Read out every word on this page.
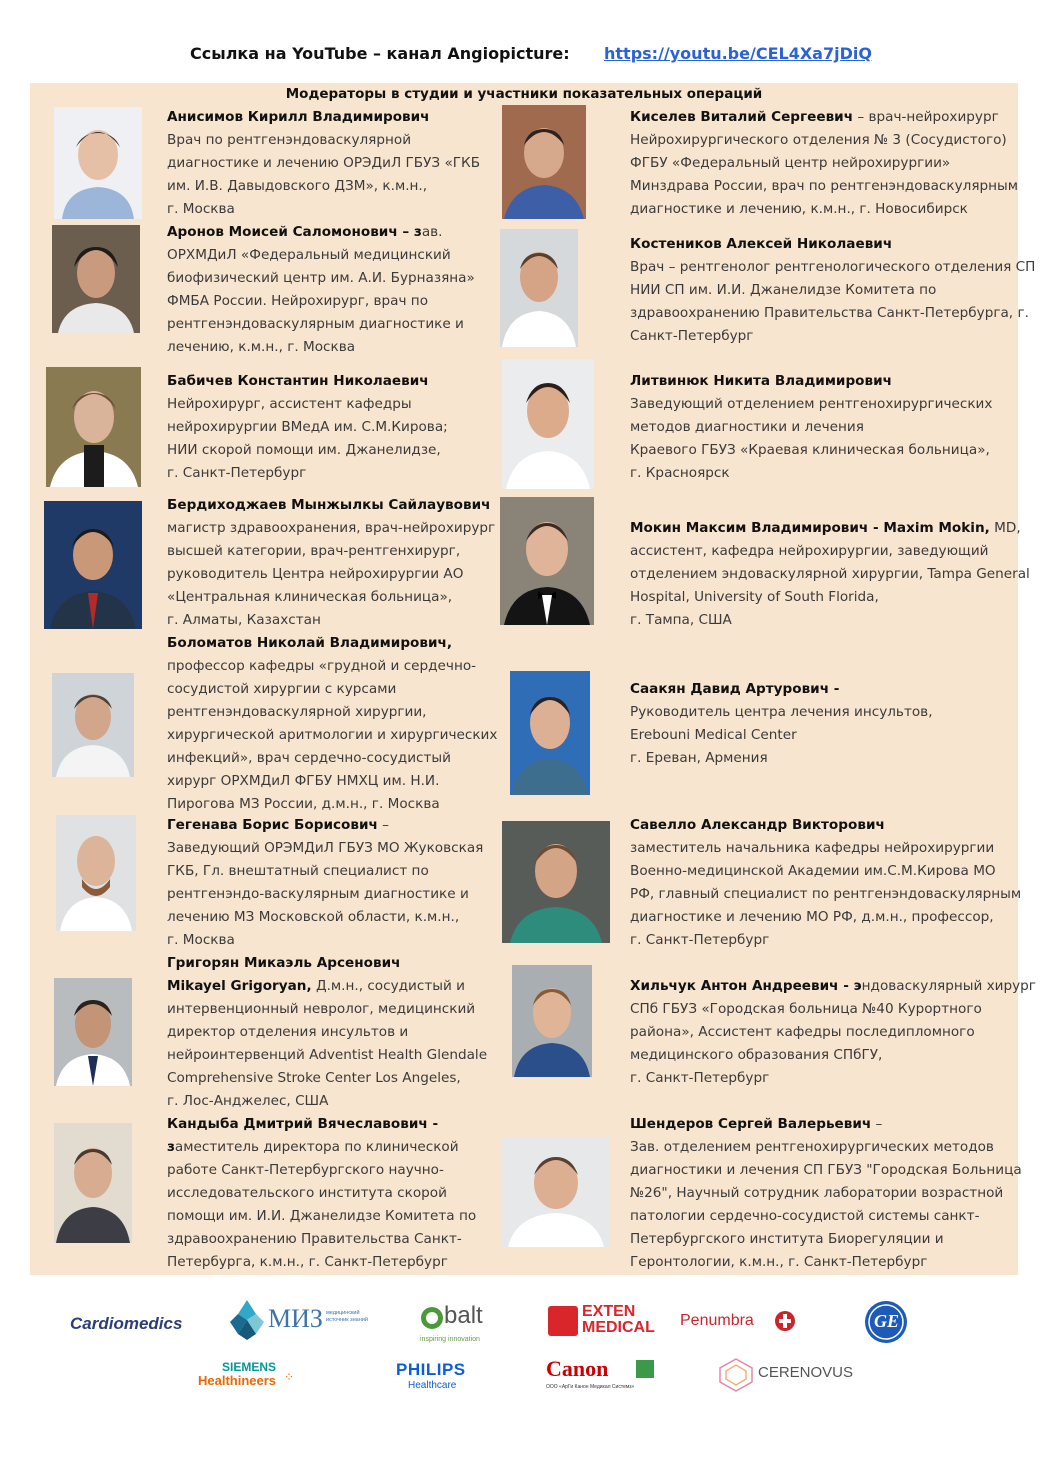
Ссылка на YouTube – канал Angiopicture: https://youtu.be/CEL4Xa7jDiQ
Модераторы в студии и участники показательных операций
Анисимов Кирилл Владимирович
Врач по рентгенэндоваскулярной
диагностике и лечению ОРЭДиЛ ГБУЗ «ГКБ
им. И.В. Давыдовского ДЗМ», к.м.н.,
г. Москва
Аронов Моисей Саломонович – зав.
ОРХМДиЛ «Федеральный медицинский
биофизический центр им. А.И. Бурназяна»
ФМБА России. Нейрохирург, врач по
рентгенэндоваскулярным диагностике и
лечению, к.м.н., г. Москва
Бабичев Константин Николаевич
Нейрохирург, ассистент кафедры
нейрохирургии ВМедА им. С.М.Кирова;
НИИ скорой помощи им. Джанелидзе,
г. Санкт-Петербург
Бердиходжаев Мынжылкы Сайлаувович
магистр здравоохранения, врач-нейрохирург
высшей категории, врач-рентгенхирург,
руководитель Центра нейрохирургии АО
«Центральная клиническая больница»,
г. Алматы, Казахстан
Боломатов Николай Владимирович,
профессор кафедры «грудной и сердечно-
сосудистой хирургии с курсами
рентгенэндоваскулярной хирургии,
хирургической аритмологии и хирургических
инфекций», врач сердечно-сосудистый
хирург ОРХМДиЛ ФГБУ НМХЦ им. Н.И.
Пирогова МЗ России, д.м.н., г. Москва
Гегенава Борис Борисович –
Заведующий ОРЭМДиЛ ГБУЗ МО Жуковская
ГКБ, Гл. внештатный специалист по
рентгенэндо-васкулярным диагностике и
лечению МЗ Московской области, к.м.н.,
г. Москва
Григорян Микаэль Арсенович
Mikayel Grigoryan, Д.м.н., сосудистый и
интервенционный невролог, медицинский
директор отделения инсультов и
нейроинтервенций Adventist Health Glendale
Comprehensive Stroke Center Los Angeles,
г. Лос-Анджелес, США
Кандыба Дмитрий Вячеславович -
заместитель директора по клинической
работе Санкт-Петербургского научно-
исследовательского института скорой
помощи им. И.И. Джанелидзе Комитета по
здравоохранению Правительства Санкт-
Петербурга, к.м.н., г. Санкт-Петербург
Киселев Виталий Сергеевич – врач-нейрохирург
Нейрохирургического отделения № 3 (Сосудистого)
ФГБУ «Федеральный центр нейрохирургии»
Минздрава России, врач по рентгенэндоваскулярным
диагностике и лечению, к.м.н., г. Новосибирск
Костеников Алексей Николаевич
Врач – рентгенолог рентгенологического отделения СП
НИИ СП им. И.И. Джанелидзе Комитета по
здравоохранению Правительства Санкт-Петербурга, г.
Санкт-Петербург
Литвинюк Никита Владимирович
Заведующий отделением рентгенохирургических
методов диагностики и лечения
Краевого ГБУЗ «Краевая клиническая больница»,
г. Красноярск
Мокин Максим Владимирович - Maxim Mokin, MD,
ассистент, кафедра нейрохирургии, заведующий
отделением эндоваскулярной хирургии, Tampa General
Hospital, University of South Florida,
г. Тампа, США
Саакян Давид Артурович -
Руководитель центра лечения инсультов,
Erebouni Medical Center
г. Ереван, Армения
Савелло Александр Викторович
заместитель начальника кафедры нейрохирургии
Военно-медицинской Академии им.С.М.Кирова МО
РФ, главный специалист по рентгенэндоваскулярным
диагностике и лечению МО РФ, д.м.н., профессор,
г. Санкт-Петербург
Хильчук Антон Андреевич - эндоваскулярный хирург
СПб ГБУЗ «Городская больница №40 Курортного
района», Ассистент кафедры последипломного
медицинского образования СПбГУ,
г. Санкт-Петербург
Шендеров Сергей Валерьевич –
Зав. отделением рентгенохирургических методов
диагностики и лечения СП ГБУЗ "Городская Больница
№26", Научный сотрудник лаборатории возрастной
патологии сердечно-сосудистой системы санкт-
Петербургского института Биорегуляции и
Геронтологии, к.м.н., г. Санкт-Петербург
Cardiomedics	МИЗ медицинский источник знаний	balt
inspiring innovation
EXTEN
MEDICAL Penumbra	GE
SIEMENS
Healthineers ⁘	PHILIPS
Healthcare
Canon
ООО «АрГи Канон Медикал Системз»
CERENOVUS
